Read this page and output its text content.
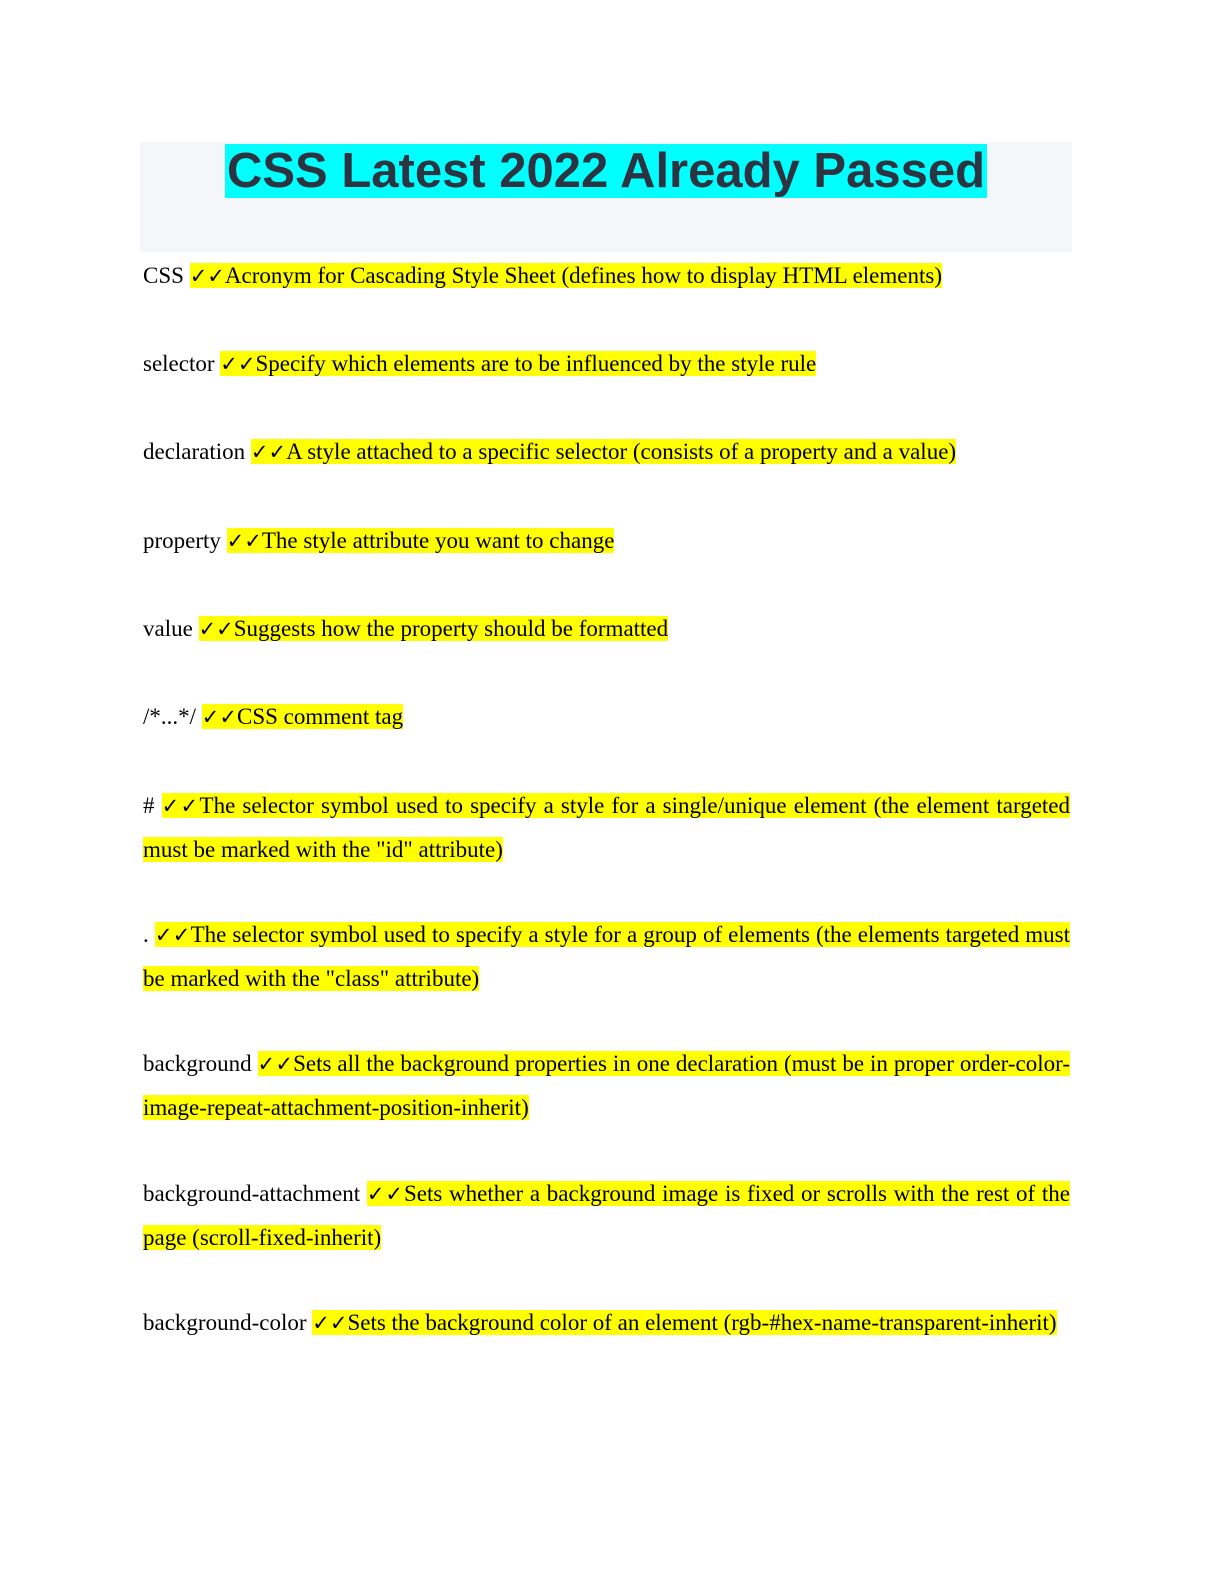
CSS Latest 2022 Already Passed
CSS ✓✓Acronym for Cascading Style Sheet (defines how to display HTML elements)
selector ✓✓Specify which elements are to be influenced by the style rule
declaration ✓✓A style attached to a specific selector (consists of a property and a value)
property ✓✓The style attribute you want to change
value ✓✓Suggests how the property should be formatted
/*...*/ ✓✓CSS comment tag
# ✓✓The selector symbol used to specify a style for a single/unique element (the element targeted must be marked with the "id" attribute)
. ✓✓The selector symbol used to specify a style for a group of elements (the elements targeted must be marked with the "class" attribute)
background ✓✓Sets all the background properties in one declaration (must be in proper order-color-image-repeat-attachment-position-inherit)
background-attachment ✓✓Sets whether a background image is fixed or scrolls with the rest of the page (scroll-fixed-inherit)
background-color ✓✓Sets the background color of an element (rgb-#hex-name-transparent-inherit)
